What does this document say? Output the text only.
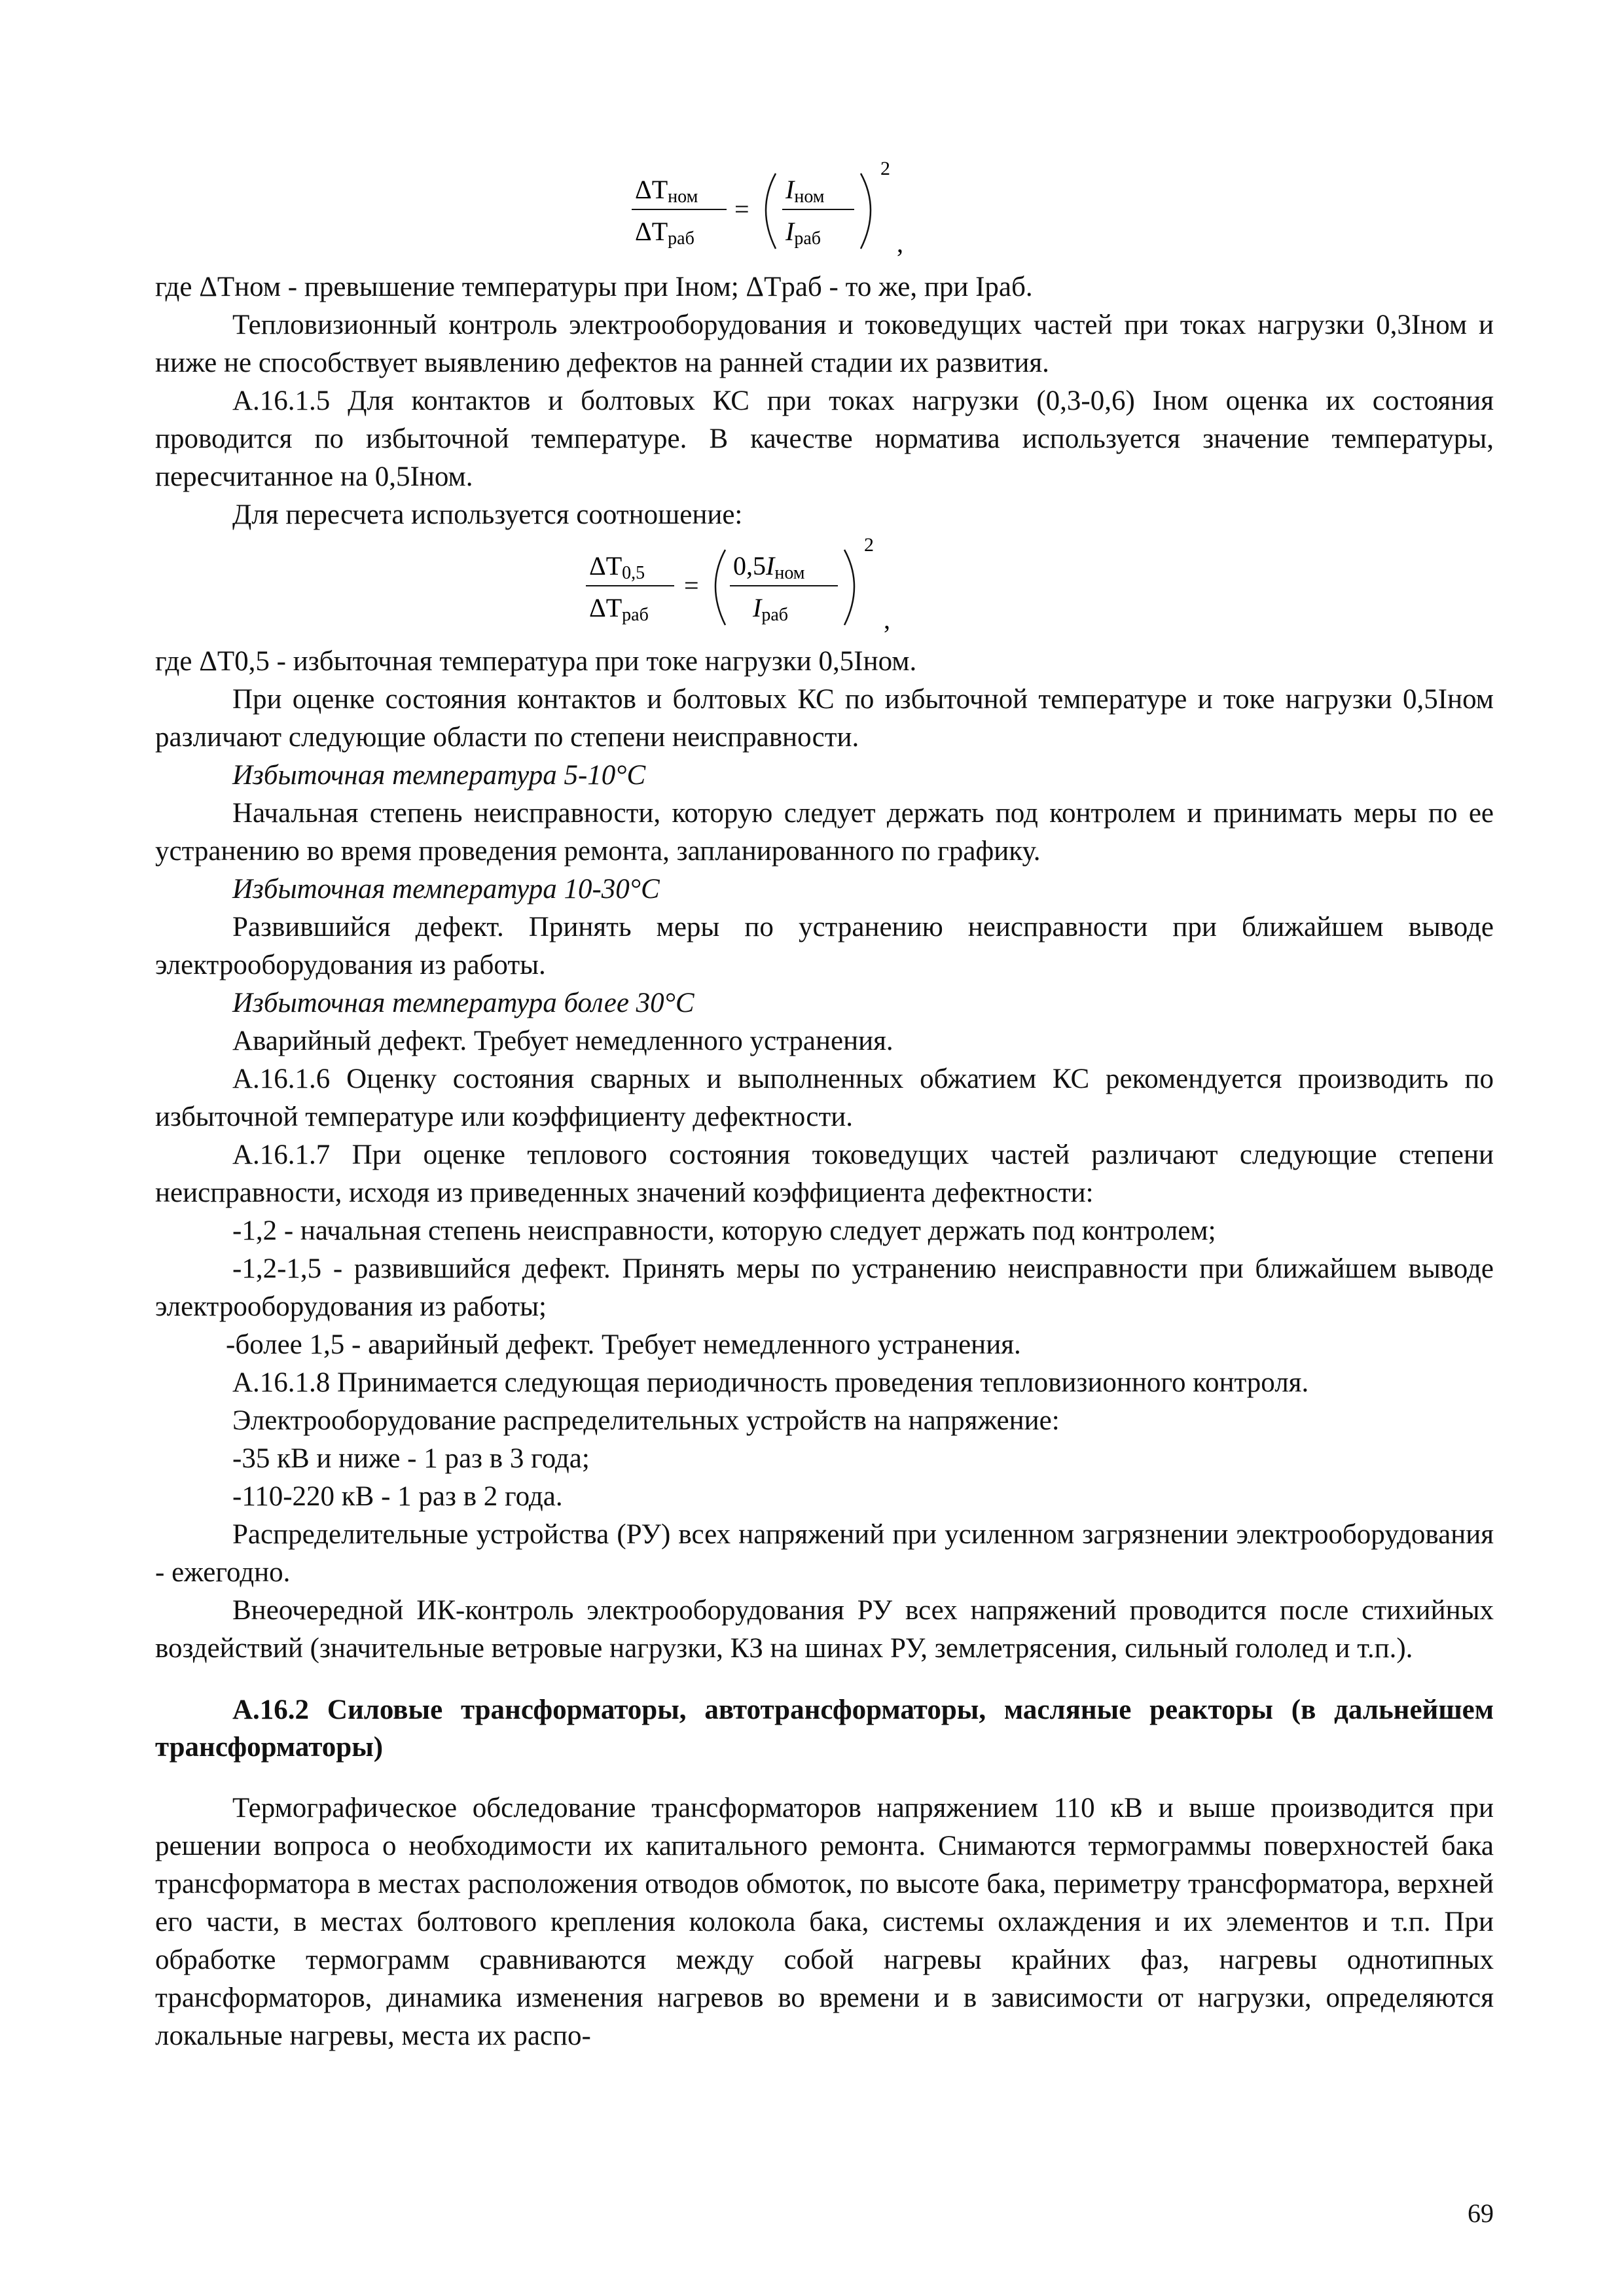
ΔTном
ΔTраб
=
Iном
Iраб
2
,

где ΔTном - превышение температуры при Iном; ΔTраб - то же, при Iраб.

Тепловизионный контроль электрооборудования и токоведущих частей при токах нагрузки 0,3Iном и ниже не способствует выявлению дефектов на ранней стадии их развития.

А.16.1.5 Для контактов и болтовых КС при токах нагрузки (0,3-0,6) Iном оценка их состояния проводится по избыточной температуре. В качестве норматива используется значение температуры, пересчитанное на 0,5Iном.

Для пересчета используется соотношение:

ΔT0,5
ΔTраб
=
0,5Iном
Iраб
2
,

где ΔT0,5 - избыточная температура при токе нагрузки 0,5Iном.

При оценке состояния контактов и болтовых КС по избыточной температуре и токе нагрузки 0,5Iном различают следующие области по степени неисправности.

Избыточная температура 5-10°С

Начальная степень неисправности, которую следует держать под контролем и принимать меры по ее устранению во время проведения ремонта, запланированного по графику.

Избыточная температура 10-30°С

Развившийся дефект. Принять меры по устранению неисправности при ближайшем выводе электрооборудования из работы.

Избыточная температура более 30°С

Аварийный дефект. Требует немедленного устранения.

А.16.1.6 Оценку состояния сварных и выполненных обжатием КС рекомендуется производить по избыточной температуре или коэффициенту дефектности.

А.16.1.7 При оценке теплового состояния токоведущих частей различают следующие степени неисправности, исходя из приведенных значений коэффициента дефектности:

-1,2 - начальная степень неисправности, которую следует держать под контролем;

-1,2-1,5 - развившийся дефект. Принять меры по устранению неисправности при ближайшем выводе электрооборудования из работы;

-более 1,5 - аварийный дефект. Требует немедленного устранения.

А.16.1.8 Принимается следующая периодичность проведения тепловизионного контроля.

Электрооборудование распределительных устройств на напряжение:

-35 кВ и ниже - 1 раз в 3 года;

-110-220 кВ - 1 раз в 2 года.

Распределительные устройства (РУ) всех напряжений при усиленном загрязнении электрооборудования - ежегодно.

Внеочередной ИК-контроль электрооборудования РУ всех напряжений проводится после стихийных воздействий (значительные ветровые нагрузки, КЗ на шинах РУ, землетрясения, сильный гололед и т.п.).

А.16.2 Силовые трансформаторы, автотрансформаторы, масляные реакторы (в дальнейшем трансформаторы)

Термографическое обследование трансформаторов напряжением 110 кВ и выше производится при решении вопроса о необходимости их капитального ремонта. Снимаются термограммы поверхностей бака трансформатора в местах расположения отводов обмоток, по высоте бака, периметру трансформатора, верхней его части, в местах болтового крепления колокола бака, системы охлаждения и их элементов и т.п. При обработке термограмм сравниваются между собой нагревы крайних фаз, нагревы однотипных трансформаторов, динамика изменения нагревов во времени и в зависимости от нагрузки, определяются локальные нагревы, места их распо-

69
